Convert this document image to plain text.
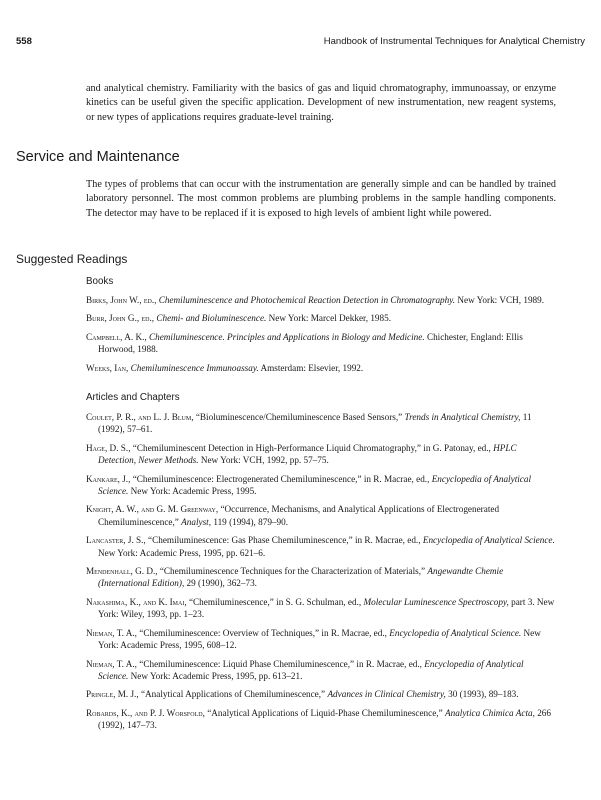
558	Handbook of Instrumental Techniques for Analytical Chemistry

and analytical chemistry. Familiarity with the basics of gas and liquid chromatography, immunoassay, or enzyme kinetics can be useful given the specific application. Development of new instrumentation, new reagent systems, or new types of applications requires graduate-level training.

Service and Maintenance

The types of problems that can occur with the instrumentation are generally simple and can be handled by trained laboratory personnel. The most common problems are plumbing problems in the sample handling components. The detector may have to be replaced if it is exposed to high levels of ambient light while powered.

Suggested Readings
Books
Birks, John W., ed., Chemiluminescence and Photochemical Reaction Detection in Chromatography. New York: VCH, 1989.
Burr, John G., ed., Chemi- and Bioluminescence. New York: Marcel Dekker, 1985.
Campbell, A. K., Chemiluminescence. Principles and Applications in Biology and Medicine. Chichester, England: Ellis Horwood, 1988.
Weeks, Ian, Chemiluminescence Immunoassay. Amsterdam: Elsevier, 1992.
Articles and Chapters
Coulet, P. R., and L. J. Blum, “Bioluminescence/Chemiluminescence Based Sensors,” Trends in Analytical Chemistry, 11 (1992), 57–61.
Hage, D. S., “Chemiluminescent Detection in High-Performance Liquid Chromatography,” in G. Patonay, ed., HPLC Detection, Newer Methods. New York: VCH, 1992, pp. 57–75.
Kankare, J., “Chemiluminescence: Electrogenerated Chemiluminescence,” in R. Macrae, ed., Encyclopedia of Analytical Science. New York: Academic Press, 1995.
Knight, A. W., and G. M. Greenway, “Occurrence, Mechanisms, and Analytical Applications of Electrogenerated Chemiluminescence,” Analyst, 119 (1994), 879–90.
Lancaster, J. S., “Chemiluminescence: Gas Phase Chemiluminescence,” in R. Macrae, ed., Encyclopedia of Analytical Science. New York: Academic Press, 1995, pp. 621–6.
Mendenhall, G. D., “Chemiluminescence Techniques for the Characterization of Materials,” Angewandte Chemie (International Edition), 29 (1990), 362–73.
Nakashima, K., and K. Imai, “Chemiluminescence,” in S. G. Schulman, ed., Molecular Luminescence Spectroscopy, part 3. New York: Wiley, 1993, pp. 1–23.
Nieman, T. A., “Chemiluminescence: Overview of Techniques,” in R. Macrae, ed., Encyclopedia of Analytical Science. New York: Academic Press, 1995, 608–12.
Nieman, T. A., “Chemiluminescence: Liquid Phase Chemiluminescence,” in R. Macrae, ed., Encyclopedia of Analytical Science. New York: Academic Press, 1995, pp. 613–21.
Pringle, M. J., “Analytical Applications of Chemiluminescence,” Advances in Clinical Chemistry, 30 (1993), 89–183.
Robards, K., and P. J. Worsfold, “Analytical Applications of Liquid-Phase Chemiluminescence,” Analytica Chimica Acta, 266 (1992), 147–73.
